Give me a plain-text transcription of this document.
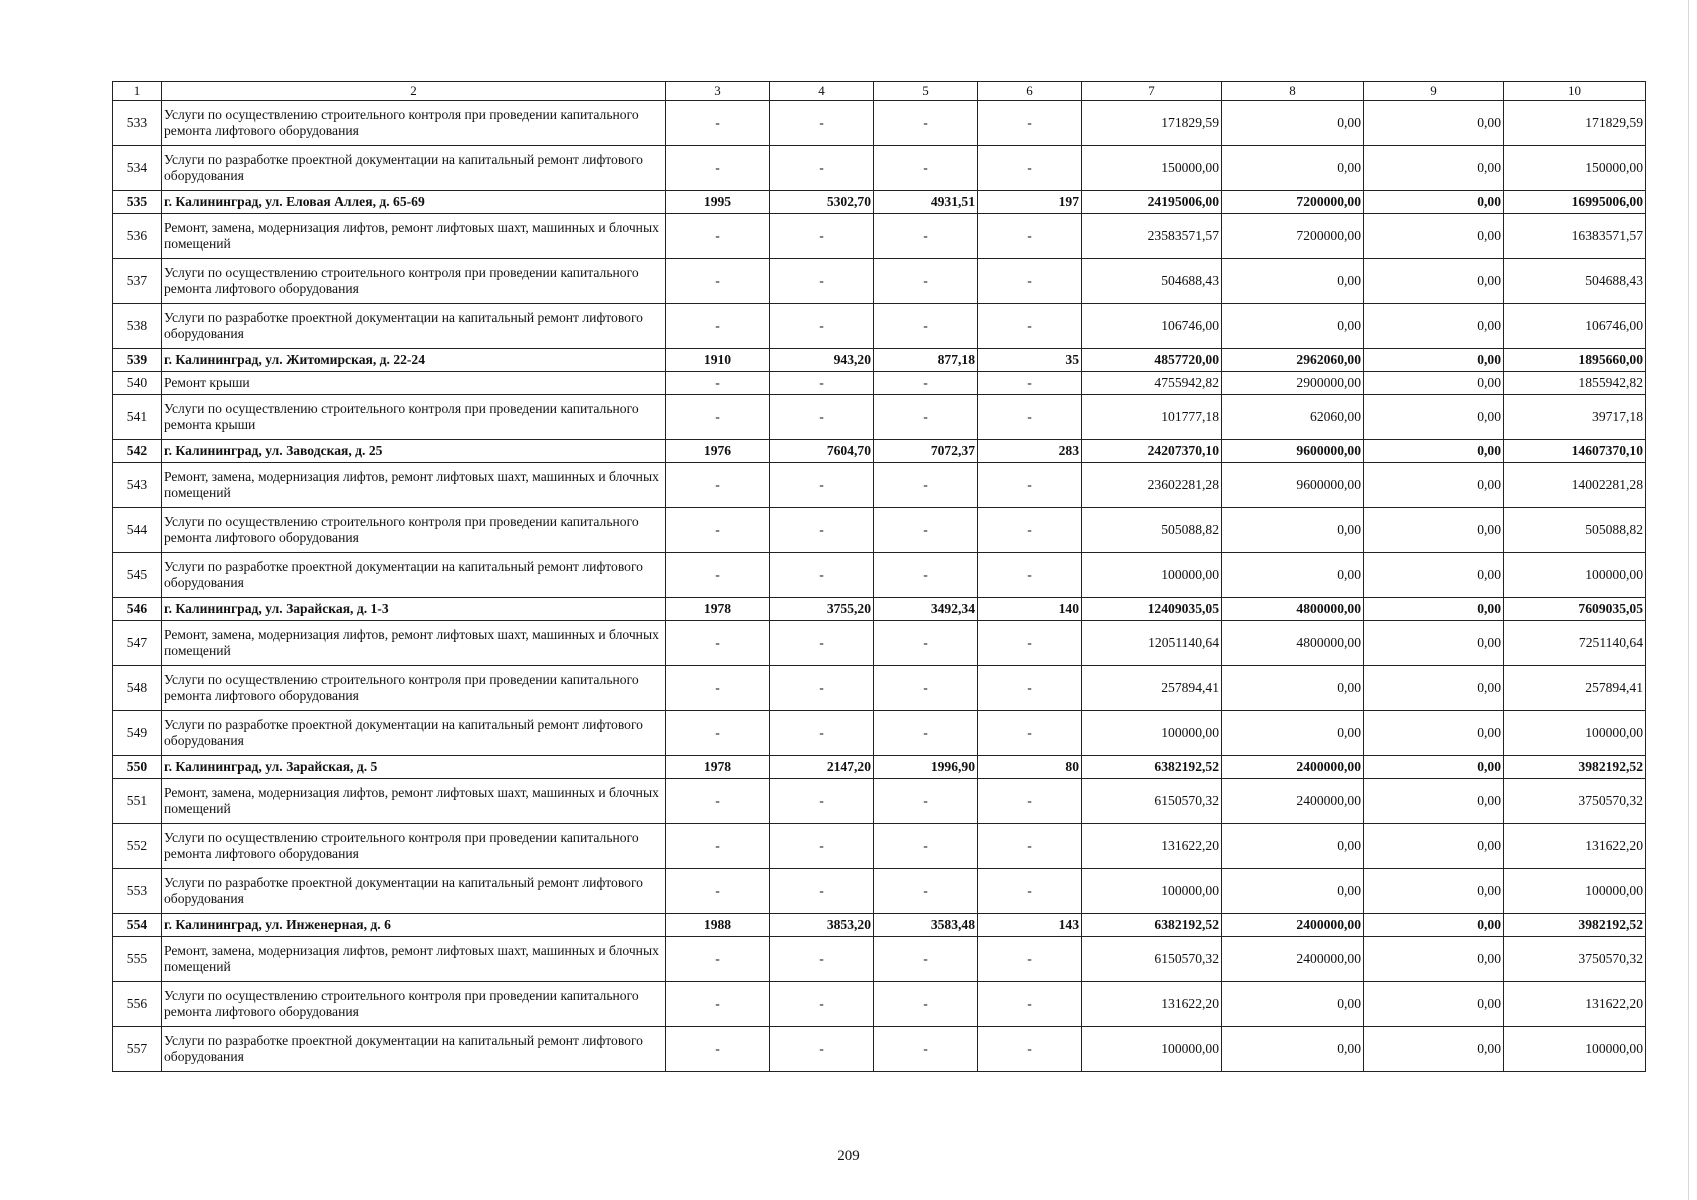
1	2	3	4	5	6	7	8	9	10
533	Услуги по осуществлению строительного контроля при проведении капитального ремонта лифтового оборудования	-	-	-	-	171829,59	0,00	0,00	171829,59
534	Услуги по разработке проектной документации на капитальный ремонт лифтового оборудования	-	-	-	-	150000,00	0,00	0,00	150000,00
535	г. Калининград, ул. Еловая Аллея, д. 65-69	1995	5302,70	4931,51	197	24195006,00	7200000,00	0,00	16995006,00
536	Ремонт, замена, модернизация лифтов, ремонт лифтовых шахт, машинных и блочных помещений	-	-	-	-	23583571,57	7200000,00	0,00	16383571,57
537	Услуги по осуществлению строительного контроля при проведении капитального ремонта лифтового оборудования	-	-	-	-	504688,43	0,00	0,00	504688,43
538	Услуги по разработке проектной документации на капитальный ремонт лифтового оборудования	-	-	-	-	106746,00	0,00	0,00	106746,00
539	г. Калининград, ул. Житомирская, д. 22-24	1910	943,20	877,18	35	4857720,00	2962060,00	0,00	1895660,00
540	Ремонт крыши	-	-	-	-	4755942,82	2900000,00	0,00	1855942,82
541	Услуги по осуществлению строительного контроля при проведении капитального ремонта крыши	-	-	-	-	101777,18	62060,00	0,00	39717,18
542	г. Калининград, ул. Заводская, д. 25	1976	7604,70	7072,37	283	24207370,10	9600000,00	0,00	14607370,10
543	Ремонт, замена, модернизация лифтов, ремонт лифтовых шахт, машинных и блочных помещений	-	-	-	-	23602281,28	9600000,00	0,00	14002281,28
544	Услуги по осуществлению строительного контроля при проведении капитального ремонта лифтового оборудования	-	-	-	-	505088,82	0,00	0,00	505088,82
545	Услуги по разработке проектной документации на капитальный ремонт лифтового оборудования	-	-	-	-	100000,00	0,00	0,00	100000,00
546	г. Калининград, ул. Зарайская, д. 1-3	1978	3755,20	3492,34	140	12409035,05	4800000,00	0,00	7609035,05
547	Ремонт, замена, модернизация лифтов, ремонт лифтовых шахт, машинных и блочных помещений	-	-	-	-	12051140,64	4800000,00	0,00	7251140,64
548	Услуги по осуществлению строительного контроля при проведении капитального ремонта лифтового оборудования	-	-	-	-	257894,41	0,00	0,00	257894,41
549	Услуги по разработке проектной документации на капитальный ремонт лифтового оборудования	-	-	-	-	100000,00	0,00	0,00	100000,00
550	г. Калининград, ул. Зарайская, д. 5	1978	2147,20	1996,90	80	6382192,52	2400000,00	0,00	3982192,52
551	Ремонт, замена, модернизация лифтов, ремонт лифтовых шахт, машинных и блочных помещений	-	-	-	-	6150570,32	2400000,00	0,00	3750570,32
552	Услуги по осуществлению строительного контроля при проведении капитального ремонта лифтового оборудования	-	-	-	-	131622,20	0,00	0,00	131622,20
553	Услуги по разработке проектной документации на капитальный ремонт лифтового оборудования	-	-	-	-	100000,00	0,00	0,00	100000,00
554	г. Калининград, ул. Инженерная, д. 6	1988	3853,20	3583,48	143	6382192,52	2400000,00	0,00	3982192,52
555	Ремонт, замена, модернизация лифтов, ремонт лифтовых шахт, машинных и блочных помещений	-	-	-	-	6150570,32	2400000,00	0,00	3750570,32
556	Услуги по осуществлению строительного контроля при проведении капитального ремонта лифтового оборудования	-	-	-	-	131622,20	0,00	0,00	131622,20
557	Услуги по разработке проектной документации на капитальный ремонт лифтового оборудования	-	-	-	-	100000,00	0,00	0,00	100000,00
209
